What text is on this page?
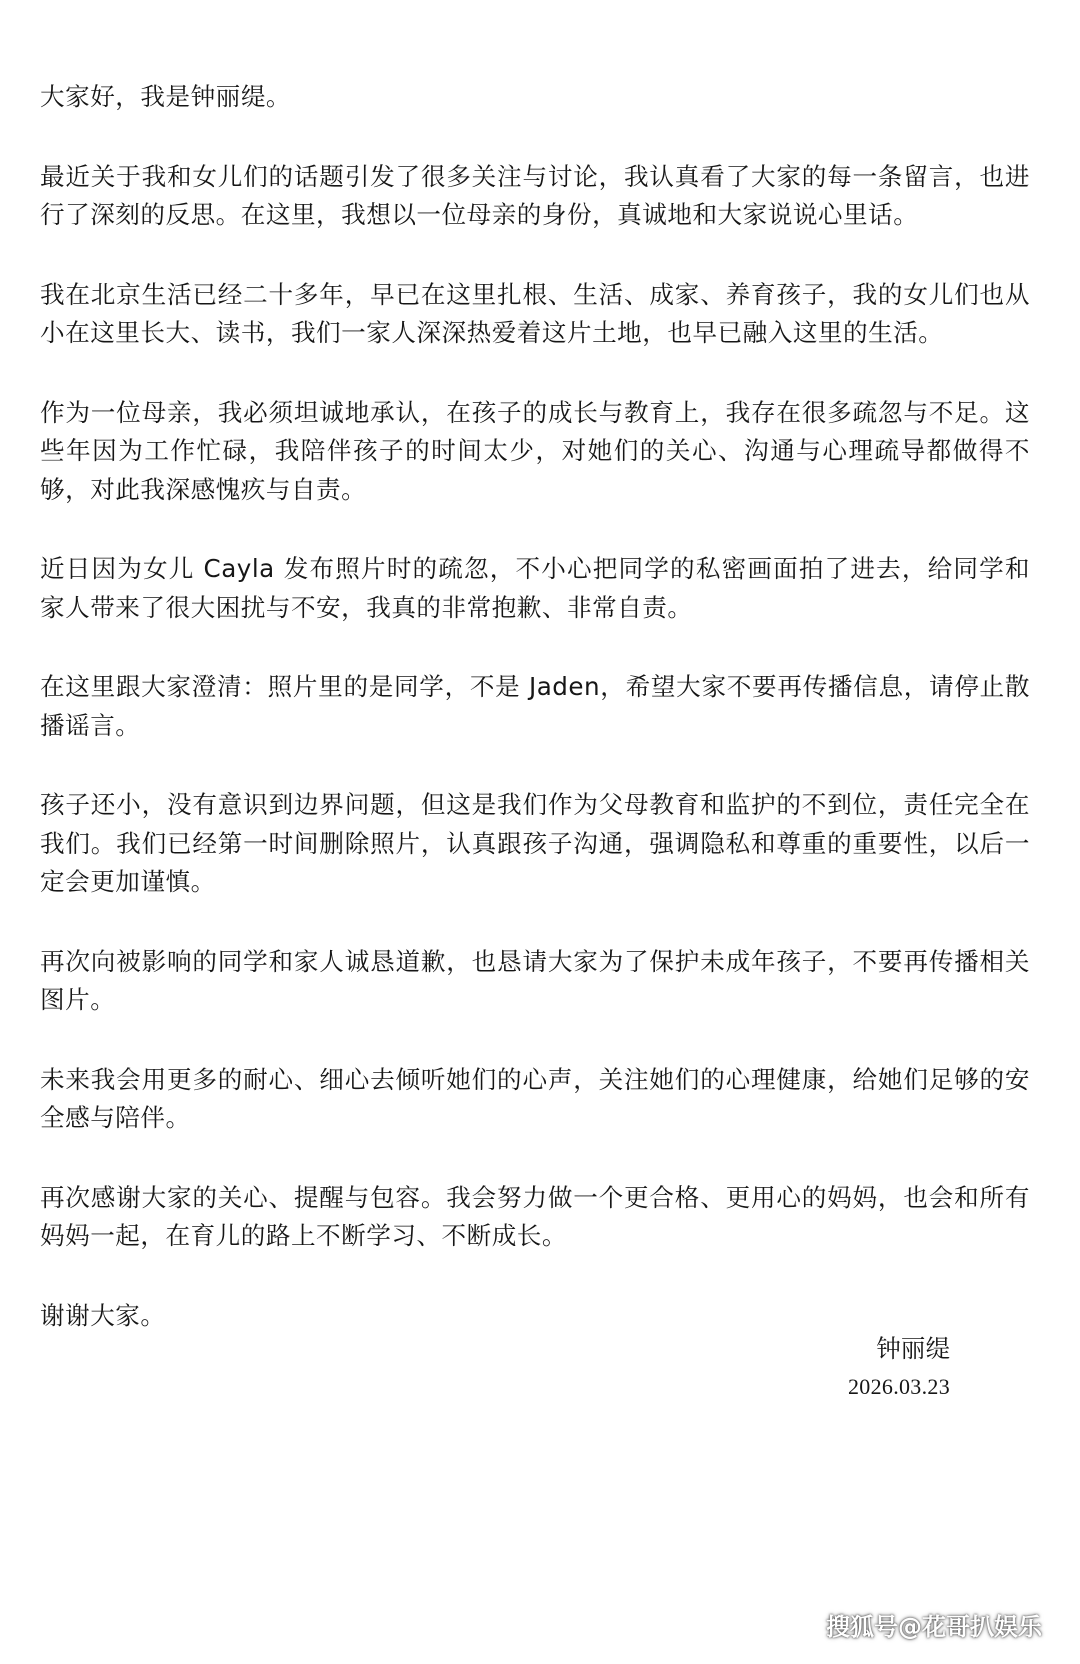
大家好，我是钟丽缇。

最近关于我和女儿们的话题引发了很多关注与讨论，我认真看了大家的每一条留言，也进行了深刻的反思。在这里，我想以一位母亲的身份，真诚地和大家说说心里话。

我在北京生活已经二十多年，早已在这里扎根、生活、成家、养育孩子，我的女儿们也从小在这里长大、读书，我们一家人深深热爱着这片土地，也早已融入这里的生活。

作为一位母亲，我必须坦诚地承认，在孩子的成长与教育上，我存在很多疏忽与不足。这些年因为工作忙碌，我陪伴孩子的时间太少，对她们的关心、沟通与心理疏导都做得不够，对此我深感愧疚与自责。

近日因为女儿 Cayla 发布照片时的疏忽，不小心把同学的私密画面拍了进去，给同学和家人带来了很大困扰与不安，我真的非常抱歉、非常自责。

在这里跟大家澄清：照片里的是同学，不是 Jaden，希望大家不要再传播信息，请停止散播谣言。

孩子还小，没有意识到边界问题，但这是我们作为父母教育和监护的不到位，责任完全在我们。我们已经第一时间删除照片，认真跟孩子沟通，强调隐私和尊重的重要性，以后一定会更加谨慎。

再次向被影响的同学和家人诚恳道歉，也恳请大家为了保护未成年孩子，不要再传播相关图片。

未来我会用更多的耐心、细心去倾听她们的心声，关注她们的心理健康，给她们足够的安全感与陪伴。

再次感谢大家的关心、提醒与包容。我会努力做一个更合格、更用心的妈妈，也会和所有妈妈一起，在育儿的路上不断学习、不断成长。

谢谢大家。

钟丽缇
2026.03.23
搜狐号@花哥扒娱乐
